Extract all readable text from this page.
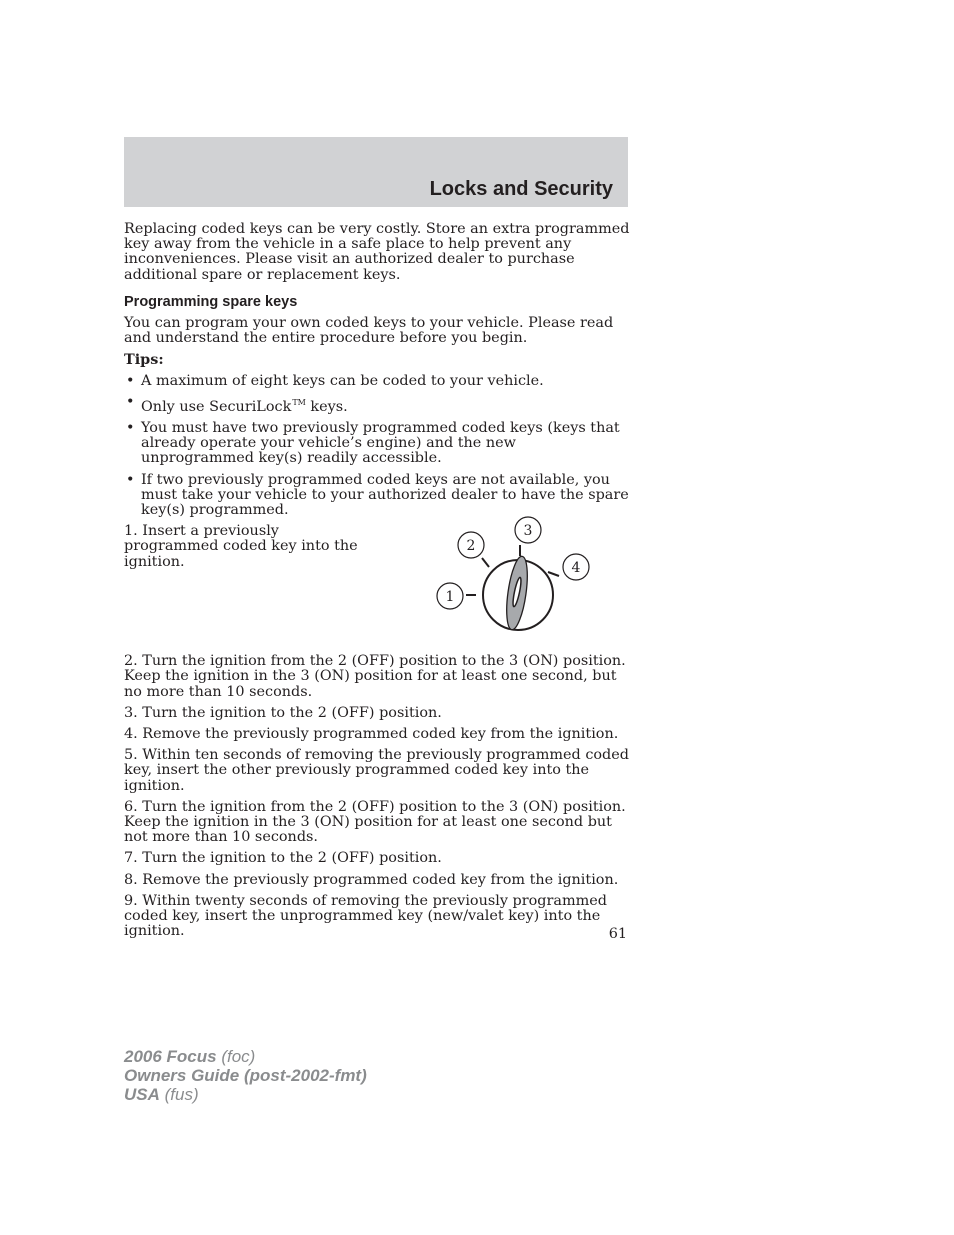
Locks and Security

Replacing coded keys can be very costly. Store an extra programmed key away from the vehicle in a safe place to help prevent any inconveniences. Please visit an authorized dealer to purchase additional spare or replacement keys.

Programming spare keys

You can program your own coded keys to your vehicle. Please read and understand the entire procedure before you begin.

Tips:

• A maximum of eight keys can be coded to your vehicle.
• Only use SecuriLock™ keys.
• You must have two previously programmed coded keys (keys that already operate your vehicle’s engine) and the new unprogrammed key(s) readily accessible.
• If two previously programmed coded keys are not available, you must take your vehicle to your authorized dealer to have the spare key(s) programmed.

1. Insert a previously programmed coded key into the ignition.

1
2
3
4

2. Turn the ignition from the 2 (OFF) position to the 3 (ON) position. Keep the ignition in the 3 (ON) position for at least one second, but no more than 10 seconds.

3. Turn the ignition to the 2 (OFF) position.

4. Remove the previously programmed coded key from the ignition.

5. Within ten seconds of removing the previously programmed coded key, insert the other previously programmed coded key into the ignition.

6. Turn the ignition from the 2 (OFF) position to the 3 (ON) position. Keep the ignition in the 3 (ON) position for at least one second but not more than 10 seconds.

7. Turn the ignition to the 2 (OFF) position.

8. Remove the previously programmed coded key from the ignition.

9. Within twenty seconds of removing the previously programmed coded key, insert the unprogrammed key (new/valet key) into the ignition.	61
2006 Focus (foc)
Owners Guide (post-2002-fmt)
USA (fus)
